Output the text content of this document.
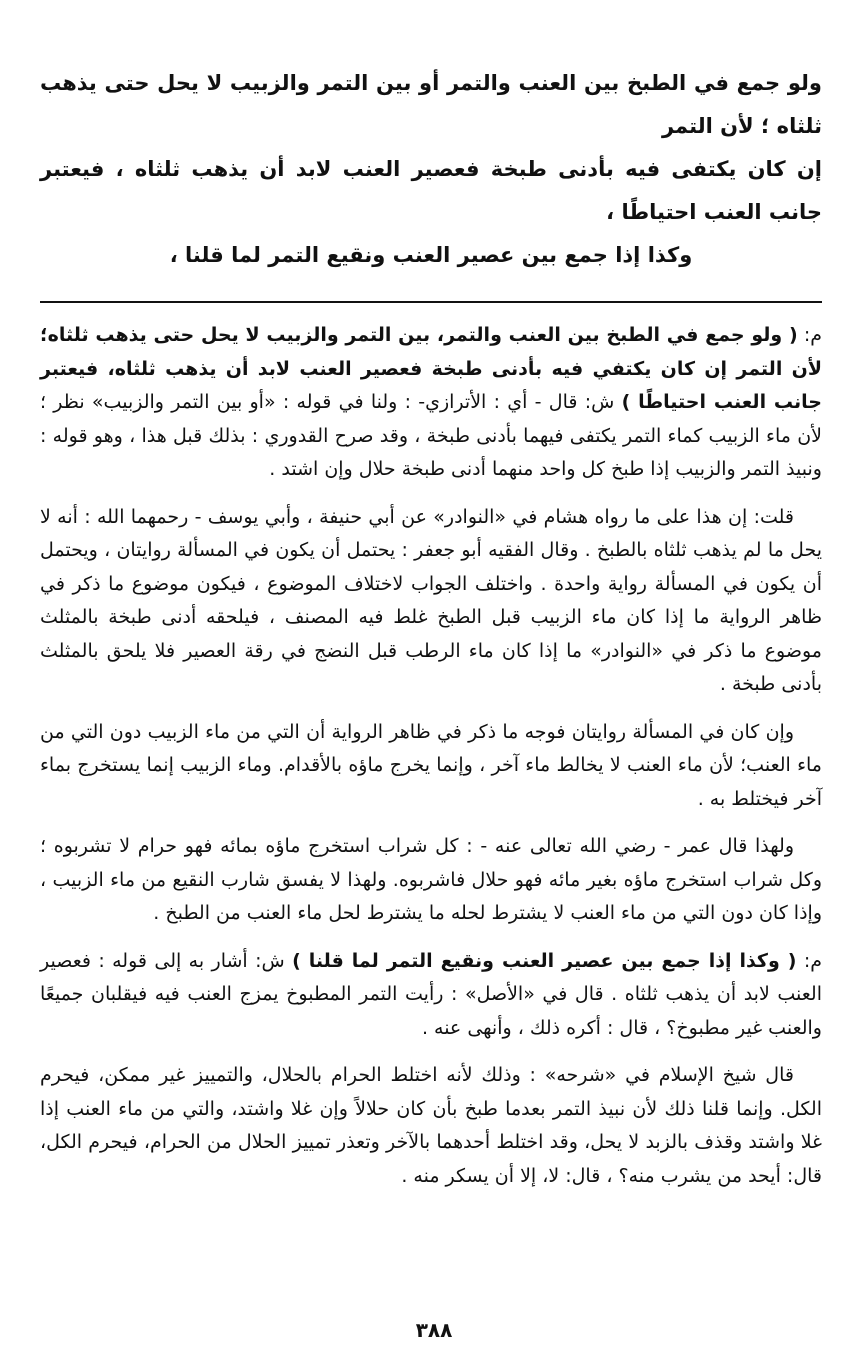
ولو جمع في الطبخ بين العنب والتمر أو بين التمر والزبيب لا يحل حتى يذهب ثلثاه ؛ لأن التمر
إن كان يكتفى فيه بأدنى طبخة فعصير العنب لابد أن يذهب ثلثاه ، فيعتبر جانب العنب احتياطًا ،
وكذا إذا جمع بين عصير العنب ونقيع التمر لما قلنا ،

م: ( ولو جمع في الطبخ بين العنب والتمر، بين التمر والزبيب لا يحل حتى يذهب ثلثاه؛ لأن التمر إن كان يكتفي فيه بأدنى طبخة فعصير العنب لابد أن يذهب ثلثاه، فيعتبر جانب العنب احتياطًا ) ش: قال - أي : الأترازي- : ولنا في قوله : «أو بين التمر والزبيب» نظر ؛ لأن ماء الزبيب كماء التمر يكتفى فيهما بأدنى طبخة ، وقد صرح القدوري : بذلك قبل هذا ، وهو قوله : ونبيذ التمر والزبيب إذا طبخ كل واحد منهما أدنى طبخة حلال وإن اشتد .

قلت: إن هذا على ما رواه هشام في «النوادر» عن أبي حنيفة ، وأبي يوسف - رحمهما الله : أنه لا يحل ما لم يذهب ثلثاه بالطبخ . وقال الفقيه أبو جعفر : يحتمل أن يكون في المسألة روايتان ، ويحتمل أن يكون في المسألة رواية واحدة . واختلف الجواب لاختلاف الموضوع ، فيكون موضوع ما ذكر في ظاهر الرواية ما إذا كان ماء الزبيب قبل الطبخ غلط فيه المصنف ، فيلحقه أدنى طبخة بالمثلث موضوع ما ذكر في «النوادر» ما إذا كان ماء الرطب قبل النضج في رقة العصير فلا يلحق بالمثلث بأدنى طبخة .

وإن كان في المسألة روايتان فوجه ما ذكر في ظاهر الرواية أن التي من ماء الزبيب دون التي من ماء العنب؛ لأن ماء العنب لا يخالط ماء آخر ، وإنما يخرج ماؤه بالأقدام. وماء الزبيب إنما يستخرج بماء آخر فيختلط به .

ولهذا قال عمر - رضي الله تعالى عنه - : كل شراب استخرج ماؤه بمائه فهو حرام لا تشربوه ؛ وكل شراب استخرج ماؤه بغير مائه فهو حلال فاشربوه. ولهذا لا يفسق شارب النقيع من ماء الزبيب ، وإذا كان دون التي من ماء العنب لا يشترط لحله ما يشترط لحل ماء العنب من الطبخ .

م: ( وكذا إذا جمع بين عصير العنب ونقيع التمر لما قلنا ) ش: أشار به إلى قوله : فعصير العنب لابد أن يذهب ثلثاه . قال في «الأصل» : رأيت التمر المطبوخ يمزج العنب فيه فيقلبان جميعًا والعنب غير مطبوخ؟ ، قال : أكره ذلك ، وأنهى عنه .

قال شيخ الإسلام في «شرحه» : وذلك لأنه اختلط الحرام بالحلال، والتمييز غير ممكن، فيحرم الكل. وإنما قلنا ذلك لأن نبيذ التمر بعدما طبخ بأن كان حلالاً وإن غلا واشتد، والتي من ماء العنب إذا غلا واشتد وقذف بالزبد لا يحل، وقد اختلط أحدهما بالآخر وتعذر تمييز الحلال من الحرام، فيحرم الكل، قال: أيحد من يشرب منه؟ ، قال: لا، إلا أن يسكر منه .

٣٨٨
